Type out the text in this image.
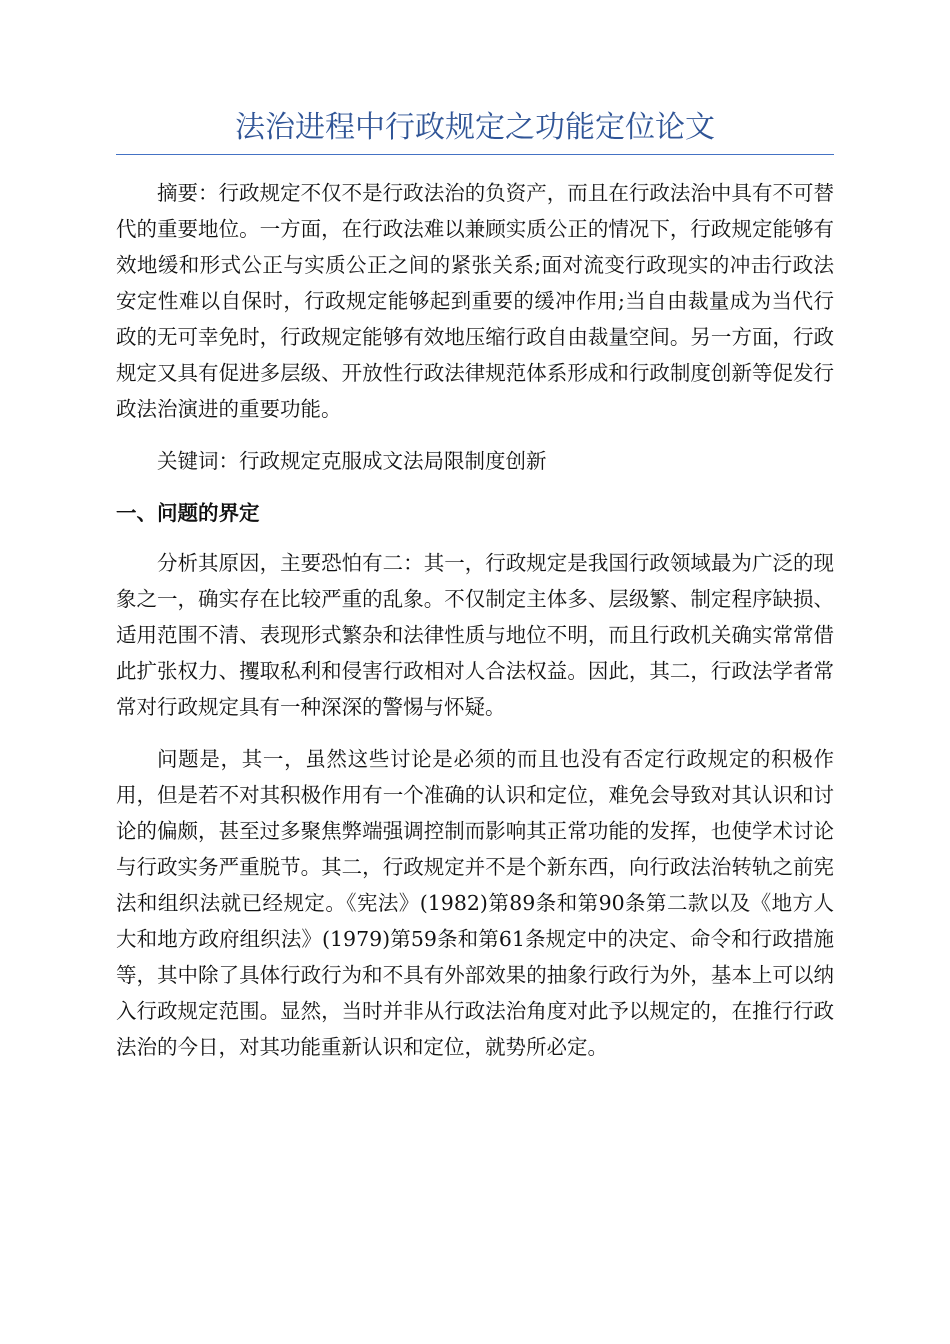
法治进程中行政规定之功能定位论文

摘要：行政规定不仅不是行政法治的负资产，而且在行政法治中具有不可替代的重要地位。一方面，在行政法难以兼顾实质公正的情况下，行政规定能够有效地缓和形式公正与实质公正之间的紧张关系;面对流变行政现实的冲击行政法安定性难以自保时，行政规定能够起到重要的缓冲作用;当自由裁量成为当代行政的无可幸免时，行政规定能够有效地压缩行政自由裁量空间。另一方面，行政规定又具有促进多层级、开放性行政法律规范体系形成和行政制度创新等促发行政法治演进的重要功能。

关键词：行政规定克服成文法局限制度创新

一、问题的界定

分析其原因，主要恐怕有二：其一，行政规定是我国行政领域最为广泛的现象之一，确实存在比较严重的乱象。不仅制定主体多、层级繁、制定程序缺损、适用范围不清、表现形式繁杂和法律性质与地位不明，而且行政机关确实常常借此扩张权力、攫取私利和侵害行政相对人合法权益。因此，其二，行政法学者常常对行政规定具有一种深深的警惕与怀疑。

问题是，其一，虽然这些讨论是必须的而且也没有否定行政规定的积极作用，但是若不对其积极作用有一个准确的认识和定位，难免会导致对其认识和讨论的偏颇，甚至过多聚焦弊端强调控制而影响其正常功能的发挥，也使学术讨论与行政实务严重脱节。其二，行政规定并不是个新东西，向行政法治转轨之前宪法和组织法就已经规定。《宪法》(1982)第89条和第90条第二款以及《地方人大和地方政府组织法》(1979)第59条和第61条规定中的决定、命令和行政措施等，其中除了具体行政行为和不具有外部效果的抽象行政行为外，基本上可以纳入行政规定范围。显然，当时并非从行政法治角度对此予以规定的，在推行行政法治的今日，对其功能重新认识和定位，就势所必定。
